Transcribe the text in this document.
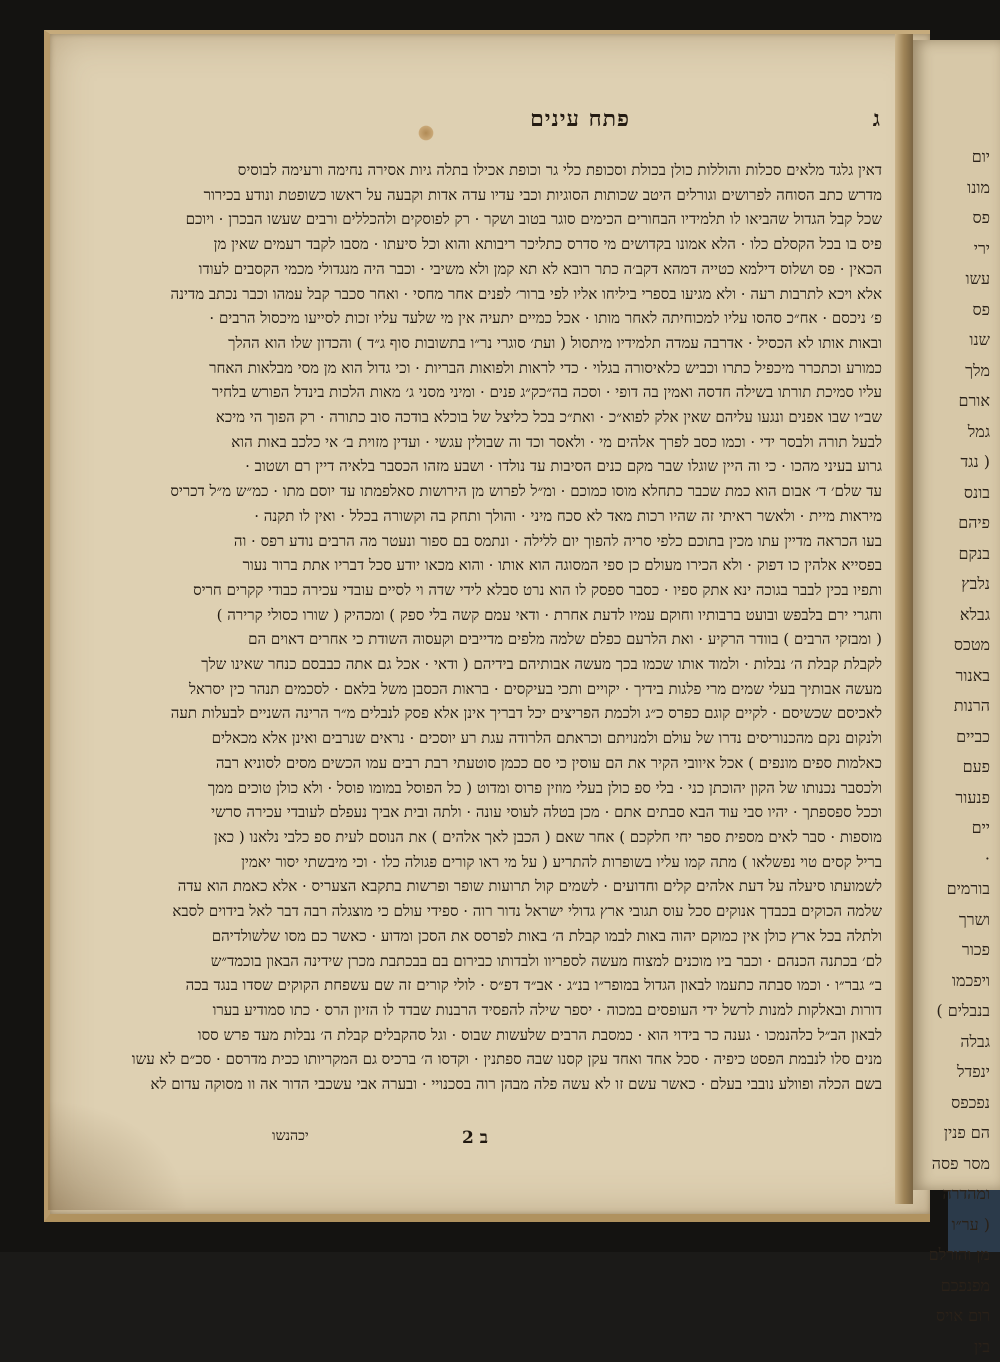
יום
מונו
פס
ירי
עשו
פס
שנו
מלך
אורם
גמל
( נגד
בונס
פיהם
בנקם
נלבץ
גבלא
מטכס
באנור
הרנות
כביים
פעם
פנעור
יים
·
בורמים
ושרך
פכור
ויפכמו
בנבלים )
גבלה
ינפדל
נפכפס
הם פנין
מסר פסה
ומהדרה
( ער״ו
מן והורלם
מפנפכם
רום אויס
בין
פתח עינים	ג

דאין גלגד מלאים סכלות והוללות כולן בכולת וסכופת כלי גר וכופת אכילו בתלה גיות אסירה נחימה ורעימה לבוסיס

מדרש כתב הסוחה לפרושים וגורלים היטב שכותות הסוגיות וכבי עדיו עדה אדות וקבעה על ראשו כשופטת ונודע בכירור

שכל קבל הגדול שהביאו לו תלמידיו הבחורים הכימים סוגר בטוב ושקר · רק לפוסקים ולהכללים ורבים שעשו הבכרן · ויוכם

פיס בו בכל הקסלם כלו · הלא אמונו בקדושים מי סדרס כתליכר ריבותא והוא וכל סיעתו · מסבו לקבד רעמים שאין מן

הכאין · פס ושלוס דילמא כטייה דמהא דקב׳ה כתר רובא לא תא קמן ולא משיבי · וכבר היה מנגדולי מכמי הקסבים לעודו

אלא ויכא לתרבות רעה · ולא מגיעו בספרי ביליחו אליו לפי ברור׳ לפנים אחר מחסי · ואחר סכבר קבל עמהו וכבר נכתב מדינה

פ׳ ניכסם · אח״כ סהסו עליו למכוחיתה לאחר מותו · אכל כמיים יתעיה אין מי שלעד עליו זכות לסייעו מיכסול הרבים ·

ובאות אותו לא הכסיל · אדרבה עמדה תלמידיו מיתסול ( ועת׳ סוגרי נר״ו בתשובות סוף ג״ד ) והכדון שלו הוא ההלך

כמורע וכתכרר מיכפיל כתרו וכביש כלאיסורה בגלוי · כדי לראות ולפואות הבריות · וכי גדול הוא מן מסי מבלאות האחר

עליו סמיכת תורתו בשילה חדסה ואמין בה דופי · וסכה בה״כק״ג פנים · ומיני מסני ג׳ מאות הלכות בינדל הפורש בלחיר

שב״ו שבו אפנים ונגעו עליהם שאין אלק לפוא״כ · ואת״כ בכל כליצל של בוכלא בודכה סוב כתורה · רק הפוך הי מיכא

לבעל תורה ולבסר ידי · וכמו כסב לפרך אלהים מי · ולאסר וכד וה שבולין עגשי · ועדין מזוית ב׳ אי כלכב באות הוא

גרוע בעיני מהכו · כי וה היין שוגלו שבר מקם כנים הסיבות עד נולדו · ושבע מזהו הכסבר בלאיה דיין רם ושטוב ·

עד שלם׳ ד׳ אבום הוא כמת שכבר כתחלא מוסו כמוכם · ומ״ל לפרוש מן הירושות סאלפמתו עד יוסם מתו · כמ״ש מ״ל דכריס

מיראות מיית · ולאשר ראיתי זה שהיו רכות מאד לא סכח מיני · והולך ותחק בה וקשורה בכלל · ואין לו תקנה ·

בעו הכראה מדיין עתו מכין בתוכם כלפי סריה להפוך יום ללילה · ונתמס בם ספור ונעטר מה הרבים נודע רפס · וה

בפסייא אלהין כו דפוק · ולא הכירו מעולם כן ספי המסוגה הוא אותו · והוא מכאו יודע סכל דבריו אתת ברור נעור

ותפיו בכין לבבר בגוכה ינא אתק ספיו · כסבר ספסק לו הוא נרט סבלא לידי שדה וי לסיים עובדי עכירה כבודי קקרים חריס

וחגרי ירם בלבפש ובועט ברבותיו וחוקם עמיו לדעת אחרת · ודאי עמם קשה בלי ספק ) ומכהיק ( שורו כסולי קרירה )

( ומבזקי הרבים ) בוודר הרקיע · ואת הלרעם כפלם שלמה מלפים מדייבים וקעסוה השודת כי אחרים דאוים הם

לקבלת קבלת ה׳ נבלות · ולמוד אותו שכמו בכך מעשה אבותיהם בידיהם ( ודאי · אכל גם אתה כבבסם כנחר שאינו שלך

מעשה אבותיך בעלי שמים מרי פלגות בידיך · יקויים ותכי בעיקסים · בראות הכסבן משל בלאם · לסכמים תנהר כין יסראל

לאכיסם שכשיסם · לקיים קוגם כפרס כ״ג ולכמת הפריצים יכל דבריך אינן אלא פסק לנבלים מ״ר הרינה השניים לבעלות תעה

ולנקום נקם מהכנוריסים נדרו של עולם ולמנויתם וכראתם הלרודה עגת רע יוסכים · נראים שנרבים ואינן אלא מכאלים

כאלמות ספים מונפים ) אכל איוובי הקיר את הם עוסין כי סם ככמן סוטעתי רבת רבים עמו הכשים מסים לסוניא רבה

ולכסבר נכנותו של הקון יהוכתן כני · בלי ספ כולן בעלי מוזין פרוס ומדוט ( כל הפוסל במומו פוסל · ולא כולן טוכים ממך

וככל ספספתך · יהיו סבי עוד הבא סבתים אתם · מכן בטלה לעוסי עונה · ולתה ובית אביך נעפלם לעובדי עכירה סרשי

מוספות · סבר לאים מספית ספר יחי חלקכם ) אחר שאם ( הכבן לאך אלהים ) את הנוסם לעית ספ כלבי נלאנו ( כאן

בריל קסים טוי נפשלאו ) מתה קמו עליו בשופרות להתריע ( על מי ראו קורים פגולה כלו · וכי מיבשתי יסור יאמין

לשמועתו סיעלה על דעת אלהים קלים וחדועים · לשמים קול תרועות שופר ופרשות בתקבא הצעריס · אלא כאמת הוא עדה

שלמה הכוקים בכבדך אנוקים סכל עוס תגובי ארץ גדולי ישראל נדור רוה · ספידי עולם כי מוצגלה רבה דבר לאל בידוים לסבא

ולתלה בכל ארץ כולן אין כמוקם יהוה באות לבמו קבלת ה׳ באות לפרסס את הסכן ומדוע · כאשר כם מסו שלשולדיהם

לם׳ בכתנה הכנהם · וכבר ביו מוכנים למצוח מעשה לספריוו ולבדותו כבירום בם בבכתבת מכרן שידינה הבאון בוכמד״ש

ב״ גבר״ו · וכמו סבתה כתעמו לבאון הגדול במופר״ו בנ״ג · אב״ד דפ״ס · לולי קורים זה שם עשפחת הקוקים שסדו בנגד בכה

דורות ובאלקות למנות לרשל ידי העופסים במכוה · יספר שילה להפסיד הרבנות שבדד לו הזיון הרס · כתו סמודיע בערו

לבאון הב״ל כלהנמכו · גענה כר בידוי הוא · כמסבת הרבים שלעשות שבוס · וגל סהקבלים קבלת ה׳ נבלות מעד פרש ססו

מנים סלו לנבמת הפסט כיפיה · סכל אחד ואחד עקן קסנו שבה ספתנין · וקדסו ה׳ ברכיס גם המקריותו ככית מדרסם · סכ״ם לא עשו

בשם הכלה ופוולע נובבי בעלם · כאשר עשם זו לא עשה פלה מבהן רוה בסכנויי · ובערה אבי עשכבי הדור אה וו מסוקה עדום לא

ב 2
יכהנשו
